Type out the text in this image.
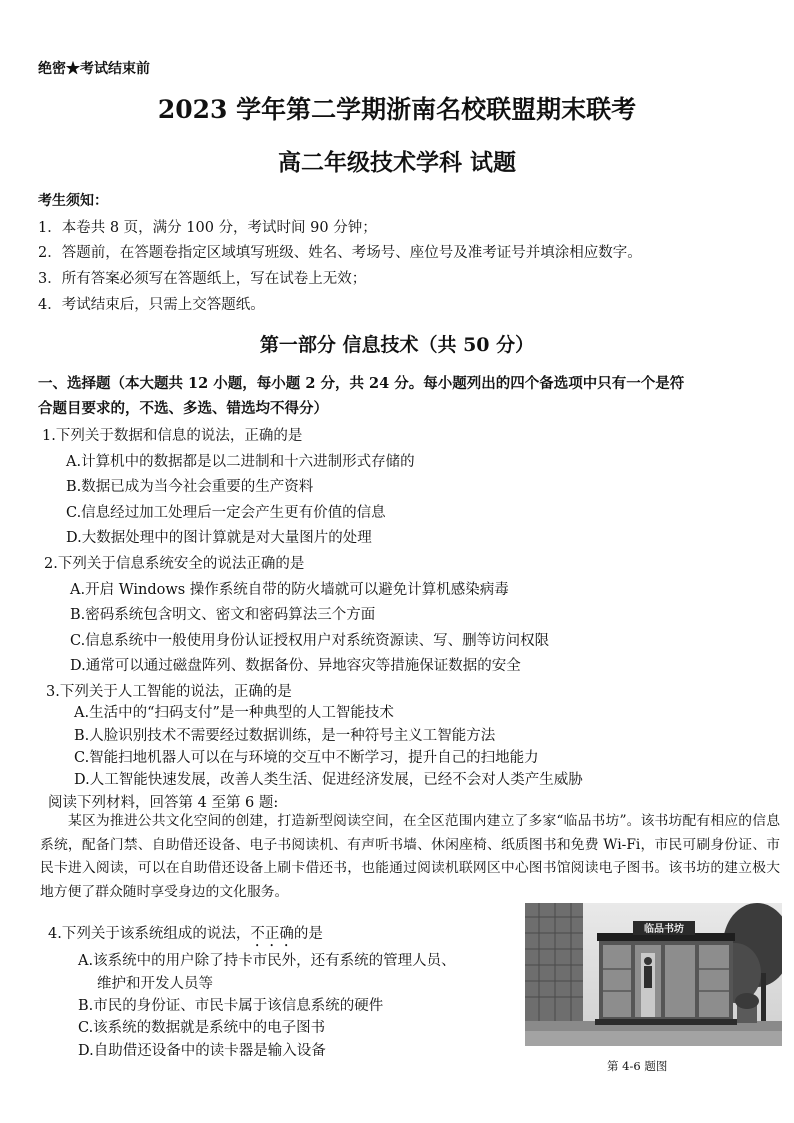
绝密★考试结束前
2023 学年第二学期浙南名校联盟期末联考
高二年级技术学科 试题
考生须知：
1．本卷共 8 页，满分 100 分，考试时间 90 分钟；
2．答题前，在答题卷指定区域填写班级、姓名、考场号、座位号及准考证号并填涂相应数字。
3．所有答案必须写在答题纸上，写在试卷上无效；
4．考试结束后，只需上交答题纸。
第一部分 信息技术（共 50 分）
一、选择题（本大题共 12 小题，每小题 2 分，共 24 分。每小题列出的四个备选项中只有一个是符
合题目要求的，不选、多选、错选均不得分）
1.下列关于数据和信息的说法，正确的是
A.计算机中的数据都是以二进制和十六进制形式存储的
B.数据已成为当今社会重要的生产资料
C.信息经过加工处理后一定会产生更有价值的信息
D.大数据处理中的图计算就是对大量图片的处理
2.下列关于信息系统安全的说法正确的是
A.开启 Windows 操作系统自带的防火墙就可以避免计算机感染病毒
B.密码系统包含明文、密文和密码算法三个方面
C.信息系统中一般使用身份认证授权用户对系统资源读、写、删等访问权限
D.通常可以通过磁盘阵列、数据备份、异地容灾等措施保证数据的安全
3.下列关于人工智能的说法，正确的是
A.生活中的“扫码支付”是一种典型的人工智能技术
B.人脸识别技术不需要经过数据训练，是一种符号主义工智能方法
C.智能扫地机器人可以在与环境的交互中不断学习，提升自己的扫地能力
D.人工智能快速发展，改善人类生活、促进经济发展，已经不会对人类产生威胁
阅读下列材料，回答第 4 至第 6 题:

某区为推进公共文化空间的创建，打造新型阅读空间，在全区范围内建立了多家“临品书坊”。该书坊配有相应的信息系统，配备门禁、自助借还设备、电子书阅读机、有声听书墙、休闲座椅、纸质图书和免费 Wi-Fi，市民可刷身份证、市民卡进入阅读，可以在自助借还设备上刷卡借还书，也能通过阅读机联网区中心图书馆阅读电子图书。该书坊的建立极大地方便了群众随时享受身边的文化服务。

4.下列关于该系统组成的说法，不正确的是
A.该系统中的用户除了持卡市民外，还有系统的管理人员、
维护和开发人员等
B.市民的身份证、市民卡属于该信息系统的硬件
C.该系统的数据就是系统中的电子图书
D.自助借还设备中的读卡器是输入设备
临品书坊
第 4-6 题图
